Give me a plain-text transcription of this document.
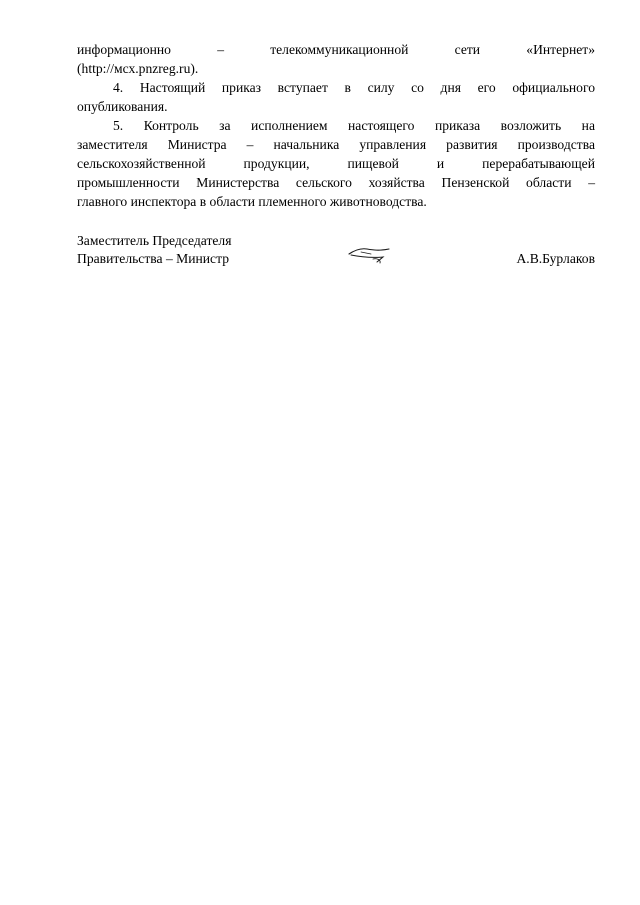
информационно – телекоммуникационной сети «Интернет»
(http://мсх.pnzreg.ru).
4. Настоящий приказ вступает в силу со дня его официального
опубликования.
5. Контроль за исполнением настоящего приказа возложить на
заместителя Министра – начальника управления развития производства
сельскохозяйственной продукции, пищевой и перерабатывающей
промышленности Министерства сельского хозяйства Пензенской области –
главного инспектора в области племенного животноводства.
Заместитель Председателя
Правительства – Министр	А.В.Бурлаков
